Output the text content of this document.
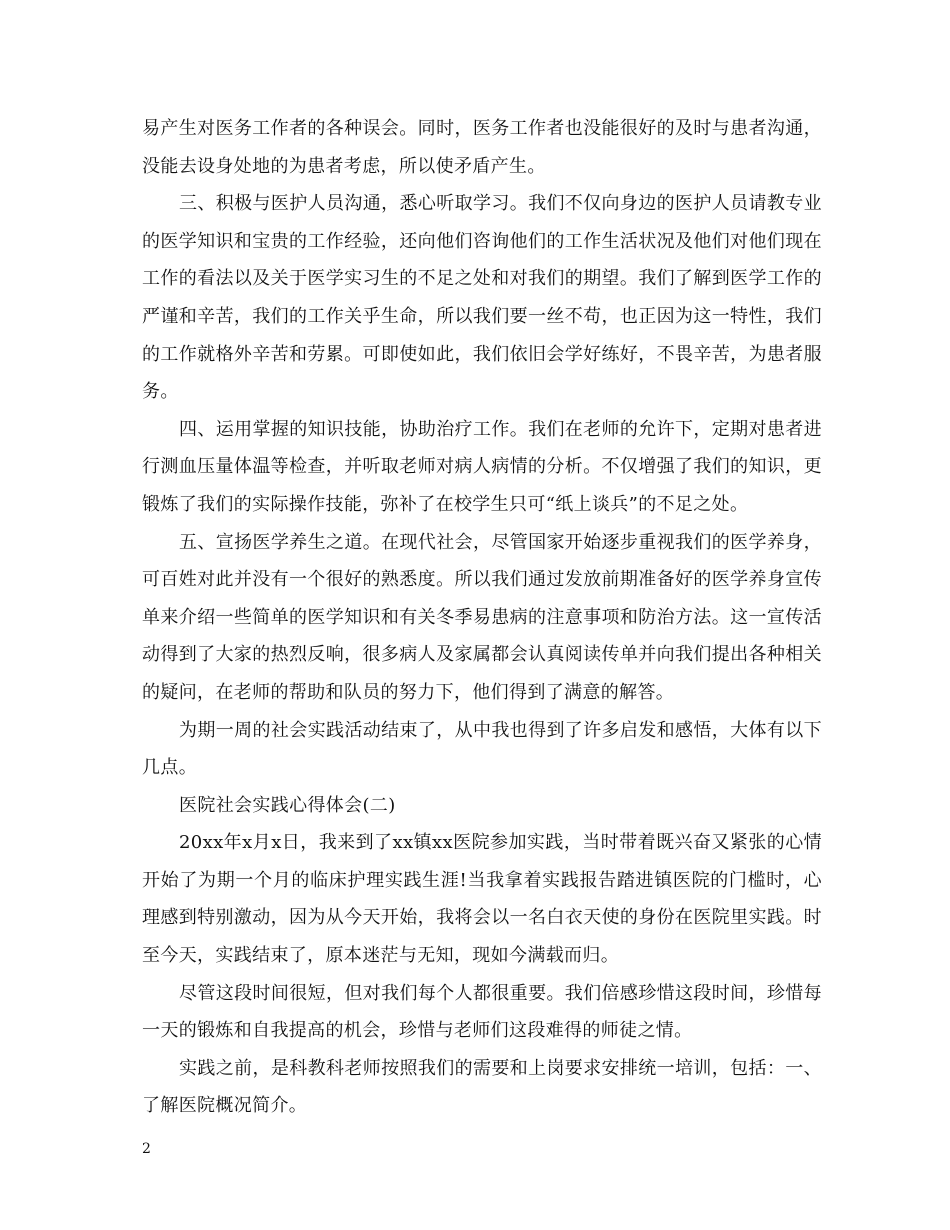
易产生对医务工作者的各种误会。同时，医务工作者也没能很好的及时与患者沟通，没能去设身处地的为患者考虑，所以使矛盾产生。

三、积极与医护人员沟通，悉心听取学习。我们不仅向身边的医护人员请教专业的医学知识和宝贵的工作经验，还向他们咨询他们的工作生活状况及他们对他们现在工作的看法以及关于医学实习生的不足之处和对我们的期望。我们了解到医学工作的严谨和辛苦，我们的工作关乎生命，所以我们要一丝不苟，也正因为这一特性，我们的工作就格外辛苦和劳累。可即使如此，我们依旧会学好练好，不畏辛苦，为患者服务。

四、运用掌握的知识技能，协助治疗工作。我们在老师的允许下，定期对患者进行测血压量体温等检查，并听取老师对病人病情的分析。不仅增强了我们的知识，更锻炼了我们的实际操作技能，弥补了在校学生只可“纸上谈兵”的不足之处。

五、宣扬医学养生之道。在现代社会，尽管国家开始逐步重视我们的医学养身，可百姓对此并没有一个很好的熟悉度。所以我们通过发放前期准备好的医学养身宣传单来介绍一些简单的医学知识和有关冬季易患病的注意事项和防治方法。这一宣传活动得到了大家的热烈反响，很多病人及家属都会认真阅读传单并向我们提出各种相关的疑问，在老师的帮助和队员的努力下，他们得到了满意的解答。

为期一周的社会实践活动结束了，从中我也得到了许多启发和感悟，大体有以下几点。

医院社会实践心得体会(二)

20xx年x月x日，我来到了xx镇xx医院参加实践，当时带着既兴奋又紧张的心情开始了为期一个月的临床护理实践生涯!当我拿着实践报告踏进镇医院的门槛时，心理感到特别激动，因为从今天开始，我将会以一名白衣天使的身份在医院里实践。时至今天，实践结束了，原本迷茫与无知，现如今满载而归。

尽管这段时间很短，但对我们每个人都很重要。我们倍感珍惜这段时间，珍惜每一天的锻炼和自我提高的机会，珍惜与老师们这段难得的师徒之情。

实践之前，是科教科老师按照我们的需要和上岗要求安排统一培训，包括：一、了解医院概况简介。

2
